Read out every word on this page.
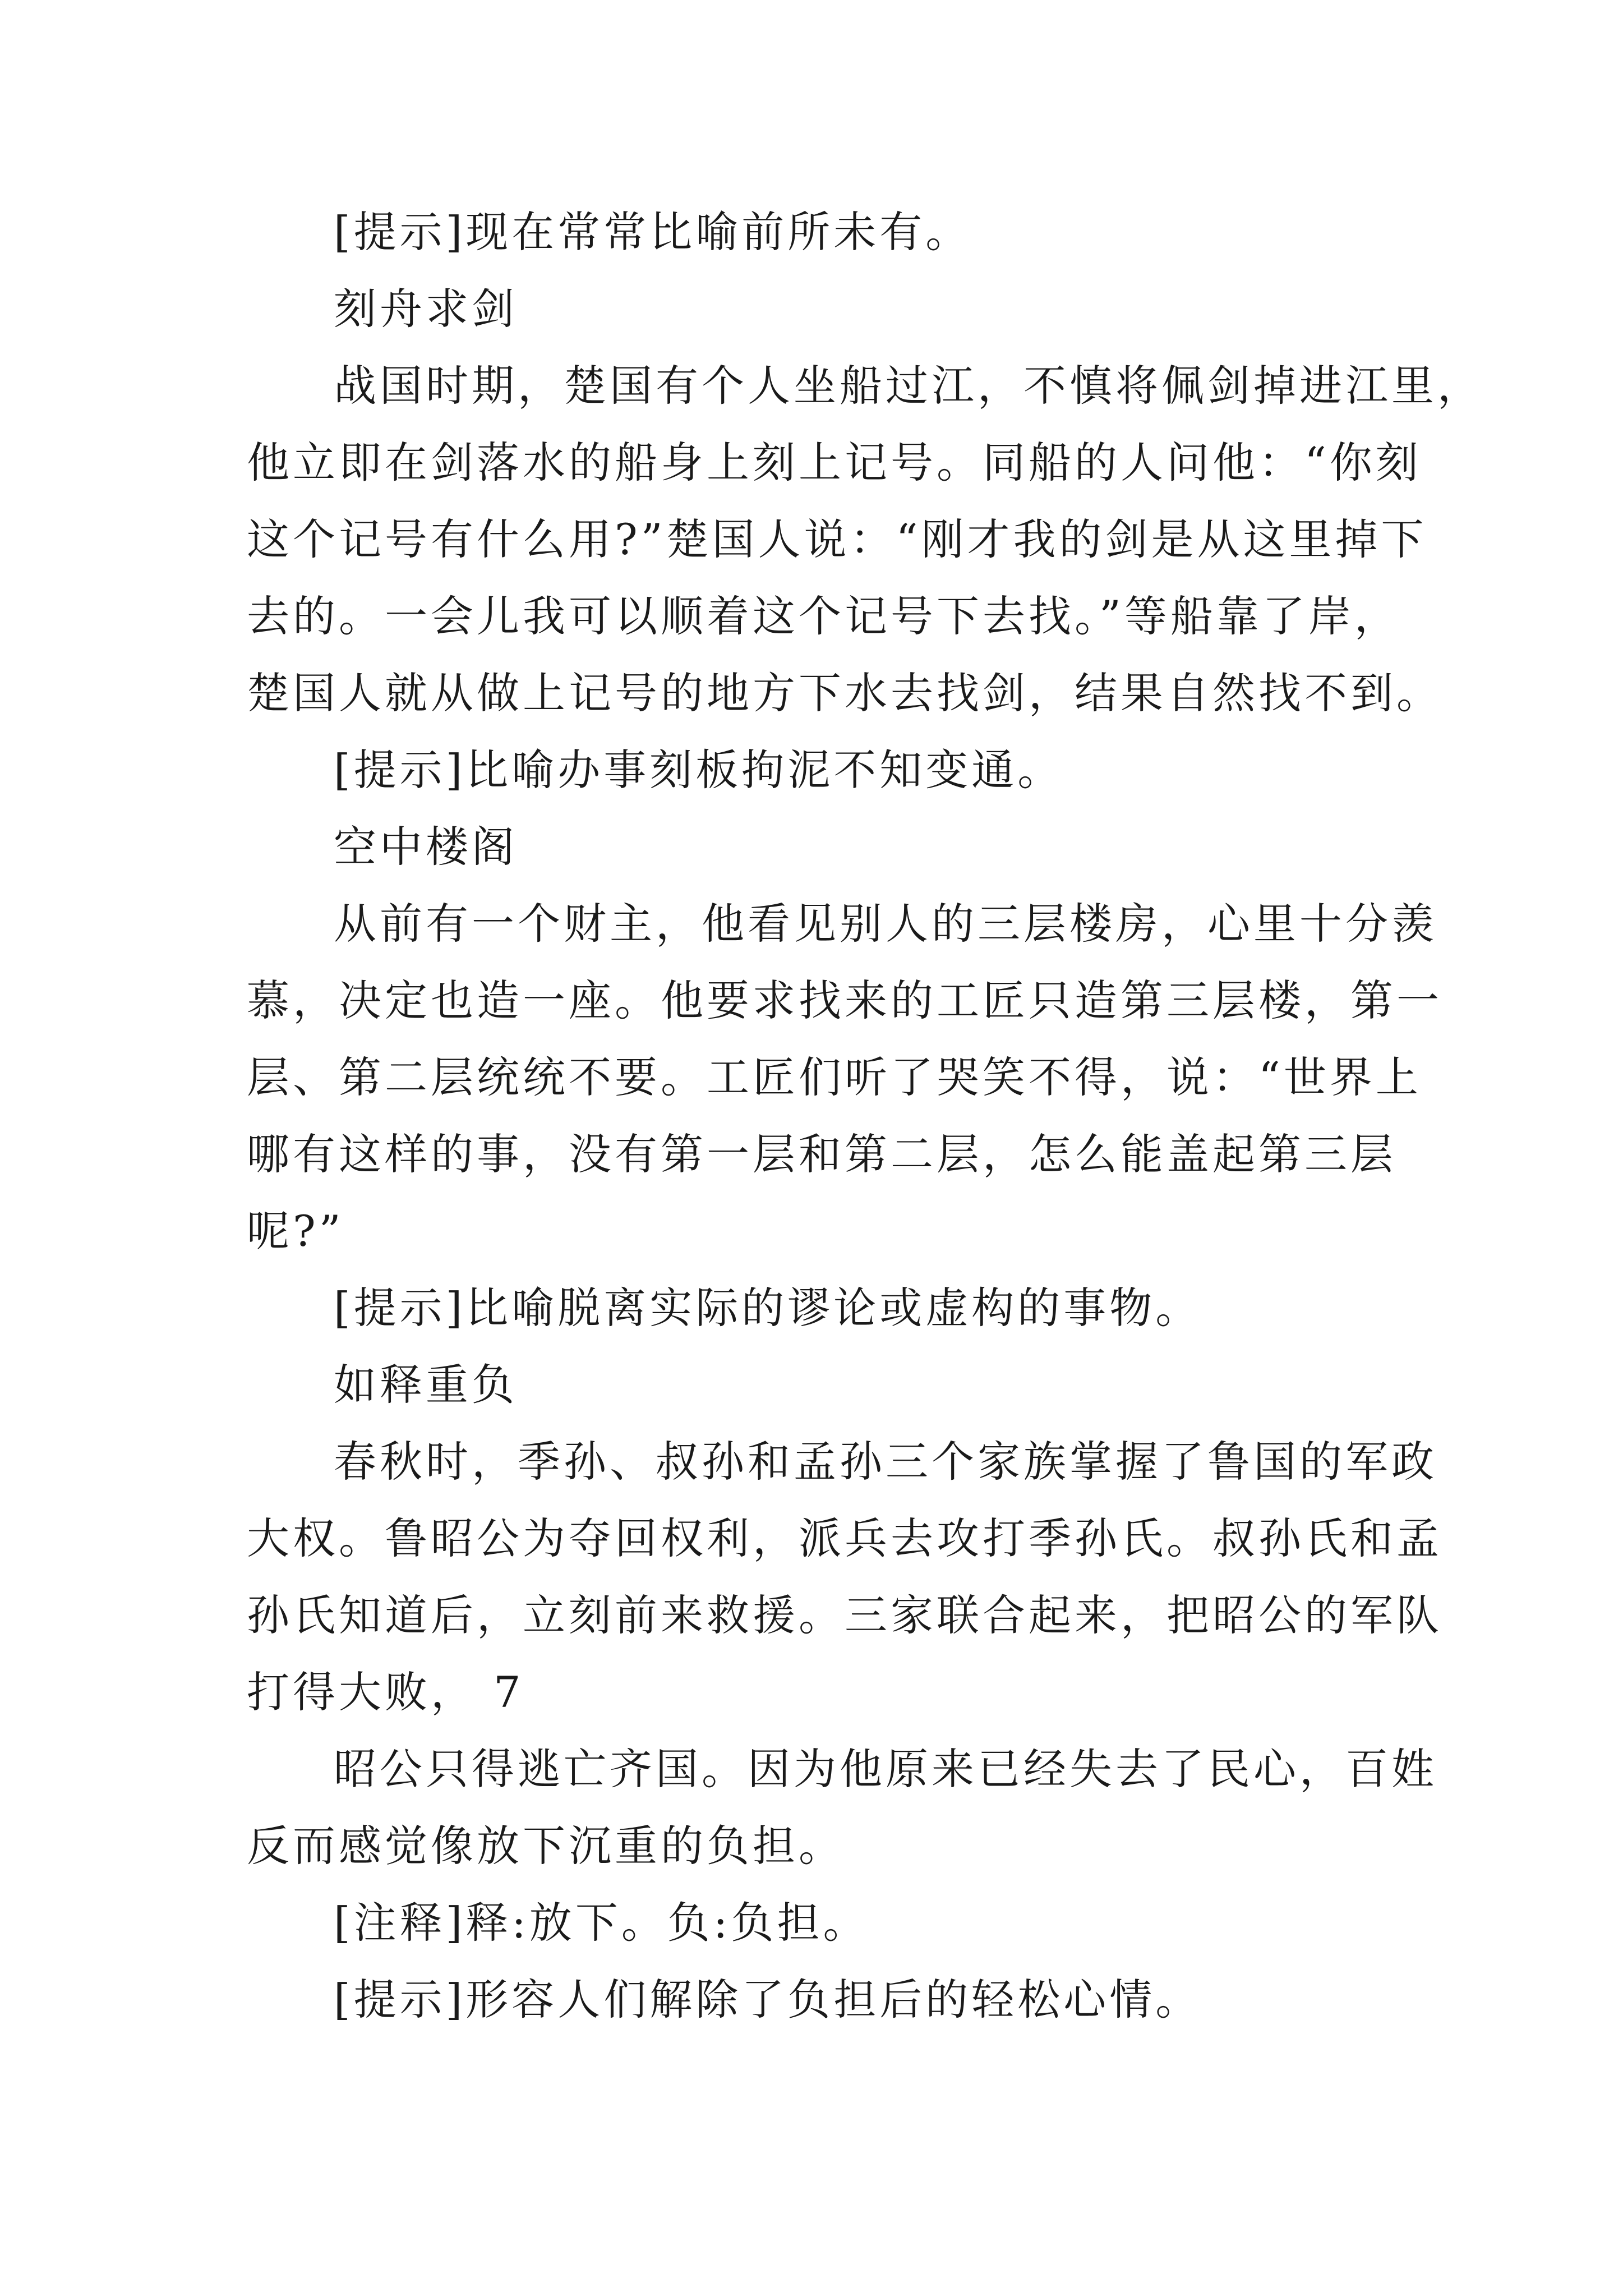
[提示]现在常常比喻前所未有。
刻舟求剑
战国时期，楚国有个人坐船过江，不慎将佩剑掉进江里，
他立即在剑落水的船身上刻上记号。同船的人问他：“你刻
这个记号有什么用?”楚国人说：“刚才我的剑是从这里掉下
去的。一会儿我可以顺着这个记号下去找。”等船靠了岸，
楚国人就从做上记号的地方下水去找剑，结果自然找不到。
[提示]比喻办事刻板拘泥不知变通。
空中楼阁
从前有一个财主，他看见别人的三层楼房，心里十分羡
慕，决定也造一座。他要求找来的工匠只造第三层楼，第一
层、第二层统统不要。工匠们听了哭笑不得，说：“世界上
哪有这样的事，没有第一层和第二层，怎么能盖起第三层
呢?”
[提示]比喻脱离实际的谬论或虚构的事物。
如释重负
春秋时，季孙、叔孙和孟孙三个家族掌握了鲁国的军政
大权。鲁昭公为夺回权利，派兵去攻打季孙氏。叔孙氏和孟
孙氏知道后，立刻前来救援。三家联合起来，把昭公的军队
打得大败， 7
昭公只得逃亡齐国。因为他原来已经失去了民心，百姓
反而感觉像放下沉重的负担。
[注释]释:放下。负:负担。
[提示]形容人们解除了负担后的轻松心情。
